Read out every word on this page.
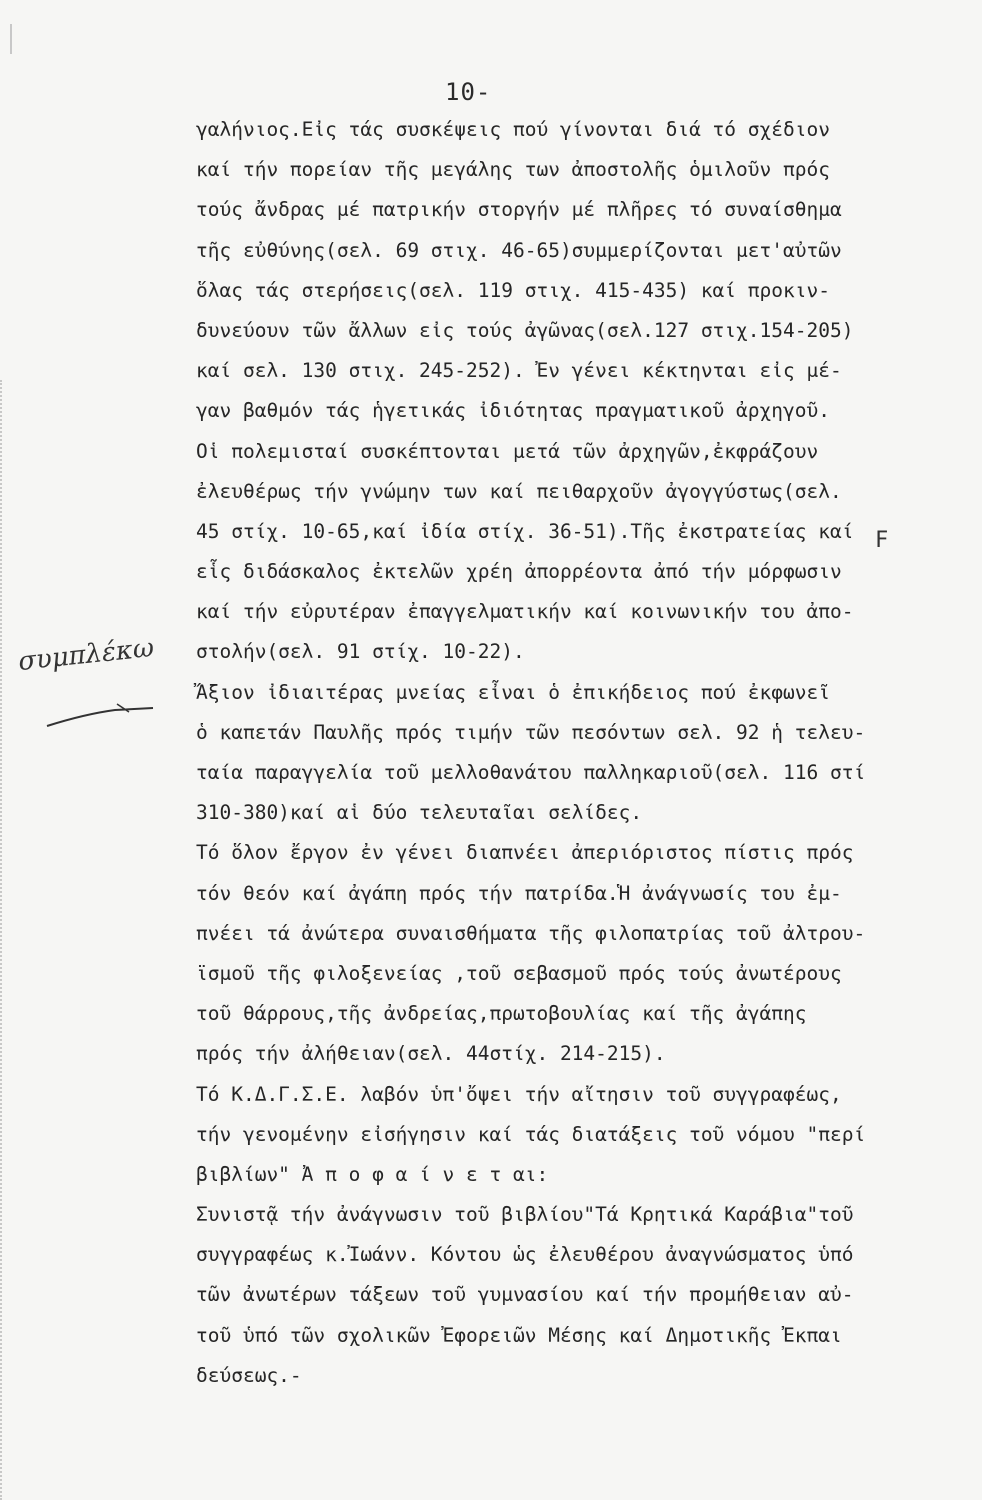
10-
γαλήνιος.Εἰς τάς συσκέψεις πού γίνονται διά τό σχέδιον
καί τήν πορείαν τῆς μεγάλης των ἀποστολῆς ὁμιλοῦν πρός
τούς ἄνδρας μέ πατρικήν στοργήν μέ πλῆρες τό συναίσθημα
τῆς εὐθύνης(σελ. 69 στιχ. 46-65)συμμερίζονται μετ'αὐτῶν
ὅλας τάς στερήσεις(σελ. 119 στιχ. 415-435) καί προκιν-
δυνεύουν τῶν ἄλλων εἰς τούς ἀγῶνας(σελ.127 στιχ.154-205)
καί σελ. 130 στιχ. 245-252). Ἐν γένει κέκτηνται εἰς μέ-
γαν βαθμόν τάς ἡγετικάς ἰδιότητας πραγματικοῦ ἀρχηγοῦ.
Οἱ πολεμισταί συσκέπτονται μετά τῶν ἀρχηγῶν,ἐκφράζουν
ἐλευθέρως τήν γνώμην των καί πειθαρχοῦν ἀγογγύστως(σελ.
45 στίχ. 10-65,καί ἰδία στίχ. 36-51).Τῆς ἐκστρατείας καί
εἷς διδάσκαλος ἐκτελῶν χρέη ἀπορρέοντα ἀπό τήν μόρφωσιν
καί τήν εὐρυτέραν ἐπαγγελματικήν καί κοινωνικήν του ἀπο-
στολήν(σελ. 91 στίχ. 10-22).
Ἄξιον ἰδιαιτέρας μνείας εἶναι ὁ ἐπικήδειος πού ἐκφωνεῖ
ὁ καπετάν Παυλῆς πρός τιμήν τῶν πεσόντων σελ. 92 ἡ τελευ-
ταία παραγγελία τοῦ μελλοθανάτου παλληκαριοῦ(σελ. 116 στί
310-380)καί αἱ δύο τελευταῖαι σελίδες.
Τό ὅλον ἔργον ἐν γένει διαπνέει ἀπεριόριστος πίστις πρός
τόν θεόν καί ἀγάπη πρός τήν πατρίδα.Ἡ ἀνάγνωσίς του ἐμ-
πνέει τά ἀνώτερα συναισθήματα τῆς φιλοπατρίας τοῦ ἀλτρου-
ϊσμοῦ τῆς φιλοξενείας ,τοῦ σεβασμοῦ πρός τούς ἀνωτέρους
τοῦ θάρρους,τῆς ἀνδρείας,πρωτοβουλίας καί τῆς ἀγάπης
πρός τήν ἀλήθειαν(σελ. 44στίχ. 214-215).
Τό Κ.Δ.Γ.Σ.Ε. λαβόν ὑπ'ὄψει τήν αἴτησιν τοῦ συγγραφέως,
τήν γενομένην εἰσήγησιν καί τάς διατάξεις τοῦ νόμου "περί
βιβλίων" Ἀ π ο φ α ί ν ε τ αι:
Συνιστᾷ τήν ἀνάγνωσιν τοῦ βιβλίου"Τά Κρητικά Καράβια"τοῦ
συγγραφέως κ.Ἰωάνν. Κόντου ὡς ἐλευθέρου ἀναγνώσματος ὑπό
τῶν ἀνωτέρων τάξεων τοῦ γυμνασίου καί τήν προμήθειαν αὐ-
τοῦ ὑπό τῶν σχολικῶν Ἐφορειῶν Μέσης καί Δημοτικῆς Ἐκπαι
δεύσεως.-
F
συμπλέκω
